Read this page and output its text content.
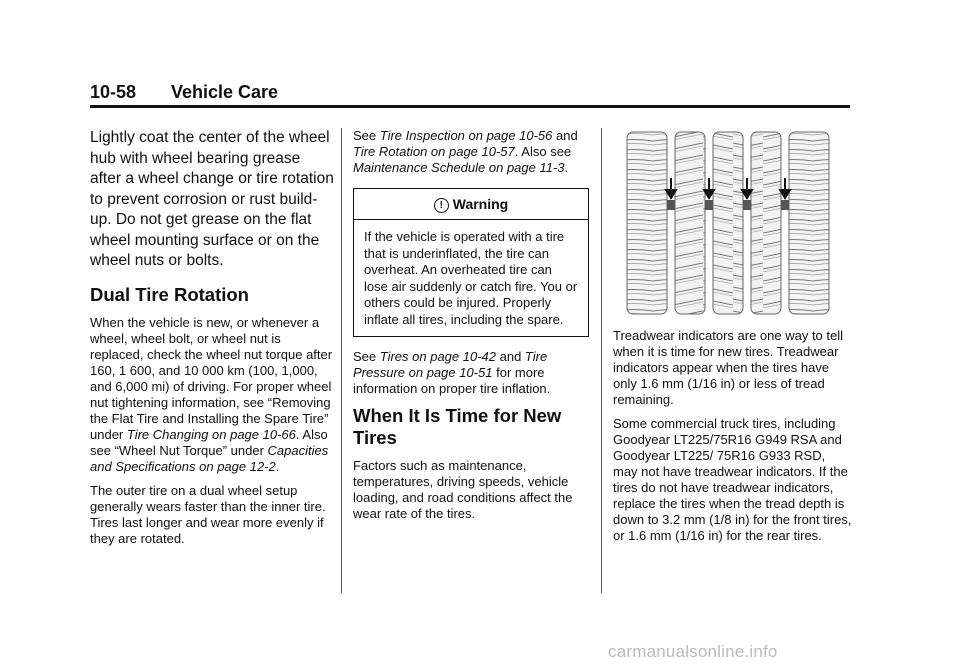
10-58 Vehicle Care

Lightly coat the center of the wheel hub with wheel bearing grease after a wheel change or tire rotation to prevent corrosion or rust build-up. Do not get grease on the flat wheel mounting surface or on the wheel nuts or bolts.

Dual Tire Rotation

When the vehicle is new, or whenever a wheel, wheel bolt, or wheel nut is replaced, check the wheel nut torque after 160, 1 600, and 10 000 km (100, 1,000, and 6,000 mi) of driving. For proper wheel nut tightening information, see “Removing the Flat Tire and Installing the Spare Tire” under Tire Changing on page 10-66. Also see “Wheel Nut Torque” under Capacities and Specifications on page 12-2.

The outer tire on a dual wheel setup generally wears faster than the inner tire. Tires last longer and wear more evenly if they are rotated.

See Tire Inspection on page 10-56 and Tire Rotation on page 10-57. Also see Maintenance Schedule on page 11-3.

! Warning
If the vehicle is operated with a tire that is underinflated, the tire can overheat. An overheated tire can lose air suddenly or catch fire. You or others could be injured. Properly inflate all tires, including the spare.

See Tires on page 10-42 and Tire Pressure on page 10-51 for more information on proper tire inflation.

When It Is Time for New Tires

Factors such as maintenance, temperatures, driving speeds, vehicle loading, and road conditions affect the wear rate of the tires.

Treadwear indicators are one way to tell when it is time for new tires. Treadwear indicators appear when the tires have only 1.6 mm (1/16 in) or less of tread remaining.

Some commercial truck tires, including Goodyear LT225/75R16 G949 RSA and Goodyear LT225/ 75R16 G933 RSD, may not have treadwear indicators. If the tires do not have treadwear indicators, replace the tires when the tread depth is down to 3.2 mm (1/8 in) for the front tires, or 1.6 mm (1/16 in) for the rear tires.

carmanualsonline.info
